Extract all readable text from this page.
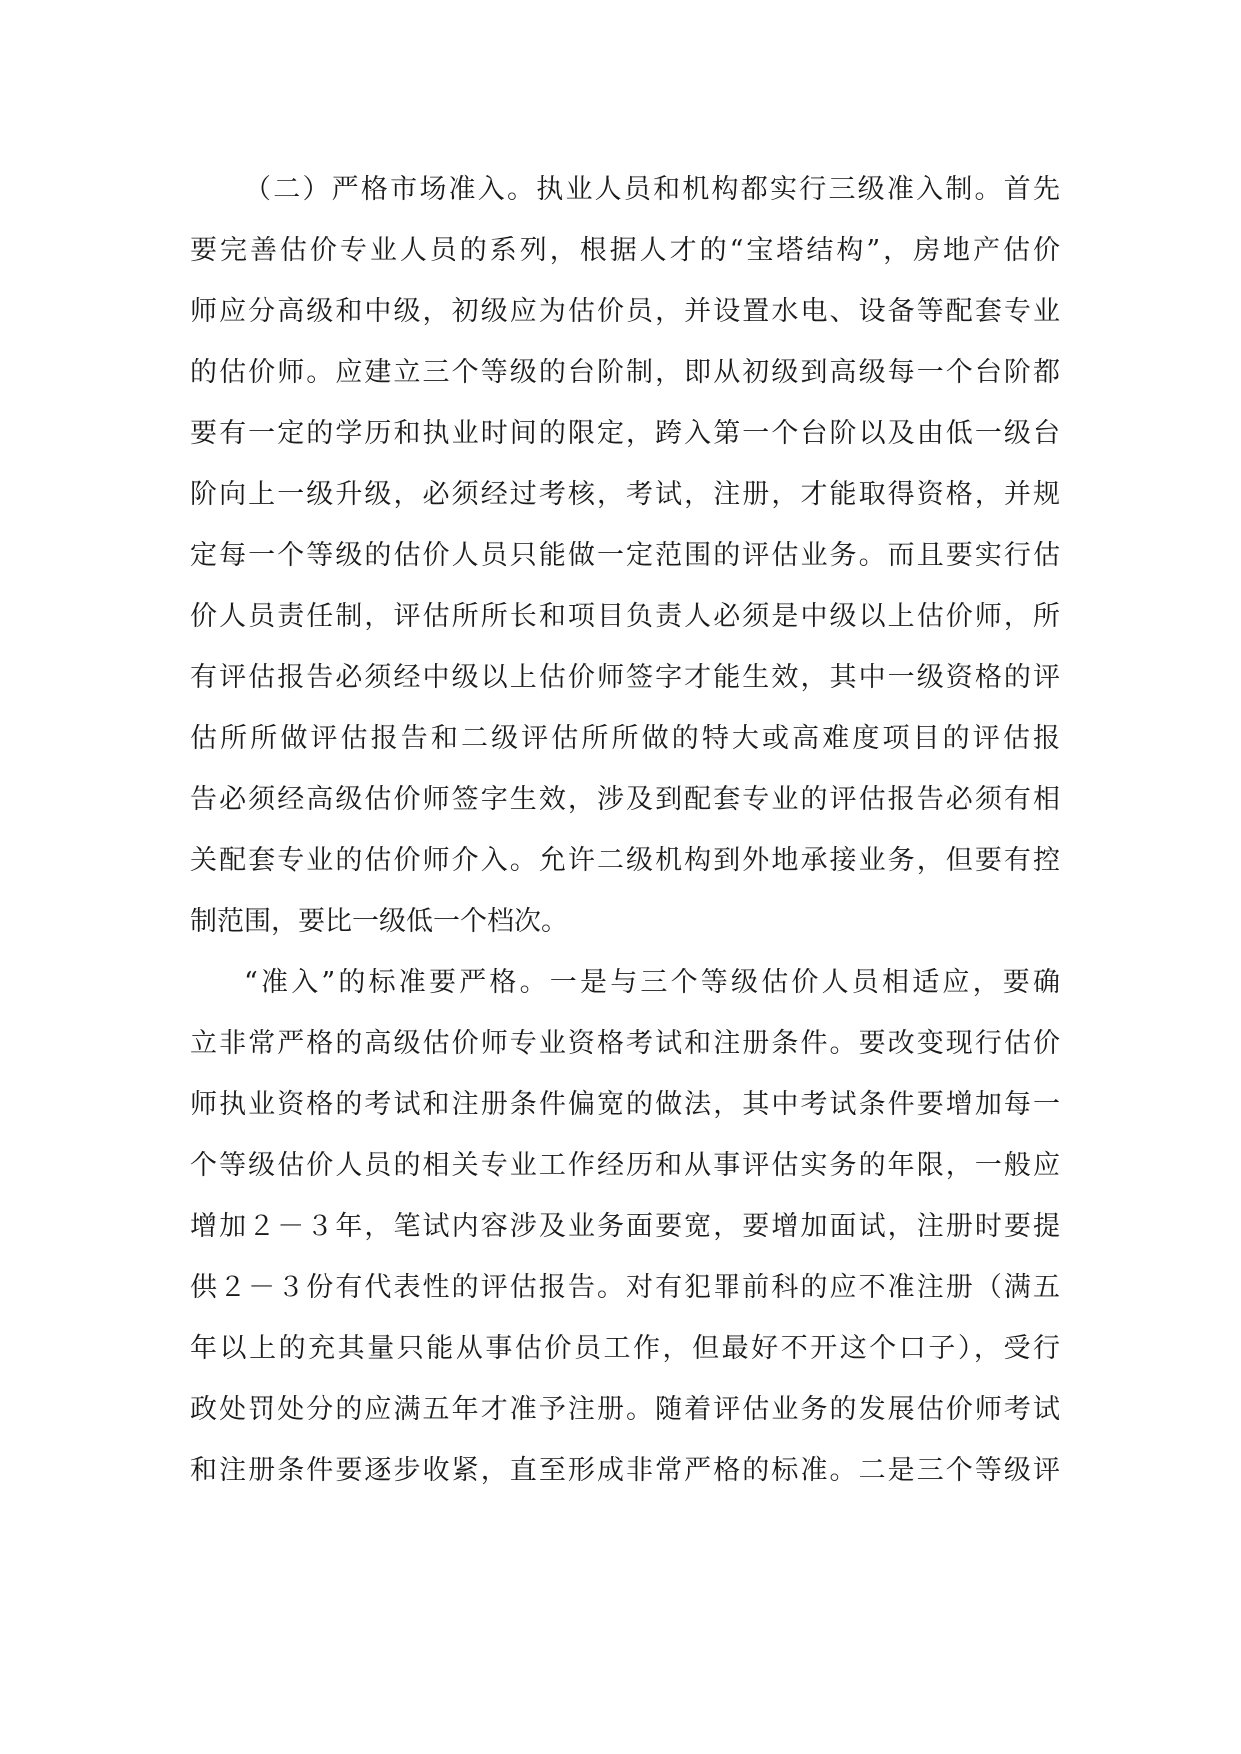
（二）严格市场准入。执业人员和机构都实行三级准入制。首先
要完善估价专业人员的系列，根据人才的“宝塔结构”，房地产估价
师应分高级和中级，初级应为估价员，并设置水电、设备等配套专业
的估价师。应建立三个等级的台阶制，即从初级到高级每一个台阶都
要有一定的学历和执业时间的限定，跨入第一个台阶以及由低一级台
阶向上一级升级，必须经过考核，考试，注册，才能取得资格，并规
定每一个等级的估价人员只能做一定范围的评估业务。而且要实行估
价人员责任制，评估所所长和项目负责人必须是中级以上估价师，所
有评估报告必须经中级以上估价师签字才能生效，其中一级资格的评
估所所做评估报告和二级评估所所做的特大或高难度项目的评估报
告必须经高级估价师签字生效，涉及到配套专业的评估报告必须有相
关配套专业的估价师介入。允许二级机构到外地承接业务，但要有控
制范围，要比一级低一个档次。
“准入”的标准要严格。一是与三个等级估价人员相适应，要确
立非常严格的高级估价师专业资格考试和注册条件。要改变现行估价
师执业资格的考试和注册条件偏宽的做法，其中考试条件要增加每一
个等级估价人员的相关专业工作经历和从事评估实务的年限，一般应
增加２－３年，笔试内容涉及业务面要宽，要增加面试，注册时要提
供２－３份有代表性的评估报告。对有犯罪前科的应不准注册（满五
年以上的充其量只能从事估价员工作，但最好不开这个口子），受行
政处罚处分的应满五年才准予注册。随着评估业务的发展估价师考试
和注册条件要逐步收紧，直至形成非常严格的标准。二是三个等级评
